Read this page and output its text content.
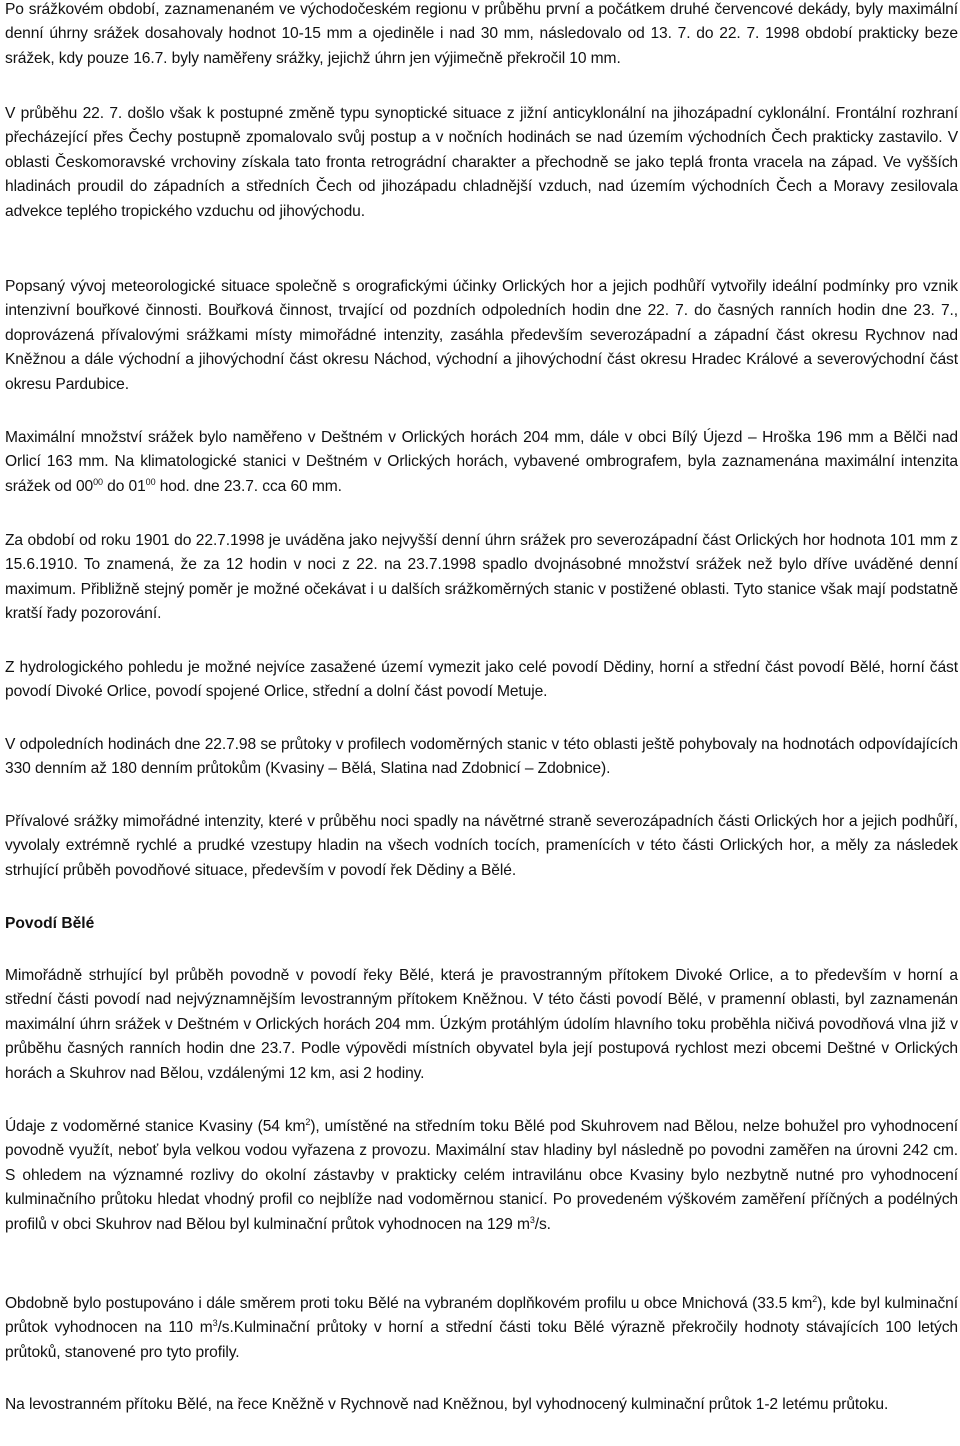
Po srážkovém období, zaznamenaném ve východočeském regionu v průběhu první a počátkem druhé červencové dekády, byly maximální denní úhrny srážek dosahovaly hodnot 10-15 mm a ojediněle i nad 30 mm, následovalo od 13. 7. do 22. 7. 1998 období prakticky beze srážek, kdy pouze 16.7. byly naměřeny srážky, jejichž úhrn jen výjimečně překročil 10 mm.

V průběhu 22. 7. došlo však k postupné změně typu synoptické situace z jižní anticyklonální na jihozápadní cyklonální. Frontální rozhraní přecházející přes Čechy postupně zpomalovalo svůj postup a v nočních hodinách se nad územím východních Čech prakticky zastavilo. V oblasti Českomoravské vrchoviny získala tato fronta retrográdní charakter a přechodně se jako teplá fronta vracela na západ. Ve vyšších hladinách proudil do západních a středních Čech od jihozápadu chladnější vzduch, nad územím východních Čech a Moravy zesilovala advekce teplého tropického vzduchu od jihovýchodu.

Popsaný vývoj meteorologické situace společně s orografickými účinky Orlických hor a jejich podhůří vytvořily ideální podmínky pro vznik intenzivní bouřkové činnosti. Bouřková činnost, trvající od pozdních odpoledních hodin dne 22. 7. do časných ranních hodin dne 23. 7., doprovázená přívalovými srážkami místy mimořádné intenzity, zasáhla především severozápadní a západní část okresu Rychnov nad Kněžnou a dále východní a jihovýchodní část okresu Náchod, východní a jihovýchodní část okresu Hradec Králové a severovýchodní část okresu Pardubice.

Maximální množství srážek bylo naměřeno v Deštném v Orlických horách 204 mm, dále v obci Bílý Újezd – Hroška 196 mm a Bělči nad Orlicí 163 mm. Na klimatologické stanici v Deštném v Orlických horách, vybavené ombrografem, byla zaznamenána maximální intenzita srážek od $00^{00}$ do $01^{00}$ hod. dne 23.7. cca 60 mm.

Za období od roku 1901 do 22.7.1998 je uváděna jako nejvyšší denní úhrn srážek pro severozápadní část Orlických hor hodnota 101 mm z 15.6.1910. To znamená, že za 12 hodin v noci z 22. na 23.7.1998 spadlo dvojnásobné množství srážek než bylo dříve uváděné denní maximum. Přibližně stejný poměr je možné očekávat i u dalších srážkoměrných stanic v postižené oblasti. Tyto stanice však mají podstatně kratší řady pozorování.

Z hydrologického pohledu je možné nejvíce zasažené území vymezit jako celé povodí Dědiny, horní a střední část povodí Bělé, horní část povodí Divoké Orlice, povodí spojené Orlice, střední a dolní část povodí Metuje.

V odpoledních hodinách dne 22.7.98 se průtoky v profilech vodoměrných stanic v této oblasti ještě pohybovaly na hodnotách odpovídajících 330 denním až 180 denním průtokům (Kvasiny – Bělá, Slatina nad Zdobnicí – Zdobnice).

Přívalové srážky mimořádné intenzity, které v průběhu noci spadly na návětrné straně severozápadních části Orlických hor a jejich podhůří, vyvolaly extrémně rychlé a prudké vzestupy hladin na všech vodních tocích, pramenících v této části Orlických hor, a měly za následek strhující průběh povodňové situace, především v povodí řek Dědiny a Bělé.

Povodí Bělé

Mimořádně strhující byl průběh povodně v povodí řeky Bělé, která je pravostranným přítokem Divoké Orlice, a to především v horní a střední části povodí nad nejvýznamnějším levostranným přítokem Kněžnou. V této části povodí Bělé, v pramenní oblasti, byl zaznamenán maximální úhrn srážek v Deštném v Orlických horách 204 mm. Úzkým protáhlým údolím hlavního toku proběhla ničivá povodňová vlna již v průběhu časných ranních hodin dne 23.7. Podle výpovědi místních obyvatel byla její postupová rychlost mezi obcemi Deštné v Orlických horách a Skuhrov nad Bělou, vzdálenými 12 km, asi 2 hodiny.

Údaje z vodoměrné stanice Kvasiny (54 $km^2$), umístěné na středním toku Bělé pod Skuhrovem nad Bělou, nelze bohužel pro vyhodnocení povodně využít, neboť byla velkou vodou vyřazena z provozu. Maximální stav hladiny byl následně po povodni zaměřen na úrovni 242 cm. S ohledem na významné rozlivy do okolní zástavby v prakticky celém intravilánu obce Kvasiny bylo nezbytně nutné pro vyhodnocení kulminačního průtoku hledat vhodný profil co nejblíže nad vodoměrnou stanicí. Po provedeném výškovém zaměření příčných a podélných profilů v obci Skuhrov nad Bělou byl kulminační průtok vyhodnocen na 129 $m^3/s$.

Obdobně bylo postupováno i dále směrem proti toku Bělé na vybraném doplňkovém profilu u obce Mnichová (33.5 $km^2$), kde byl kulminační průtok vyhodnocen na 110 $m^3/s.Kulminační$ průtoky v horní a střední části toku Bělé výrazně překročily hodnoty stávajících 100 letých průtoků, stanovené pro tyto profily.

Na levostranném přítoku Bělé, na řece Kněžně v Rychnově nad Kněžnou, byl vyhodnocený kulminační průtok 1-2 letému průtoku.
